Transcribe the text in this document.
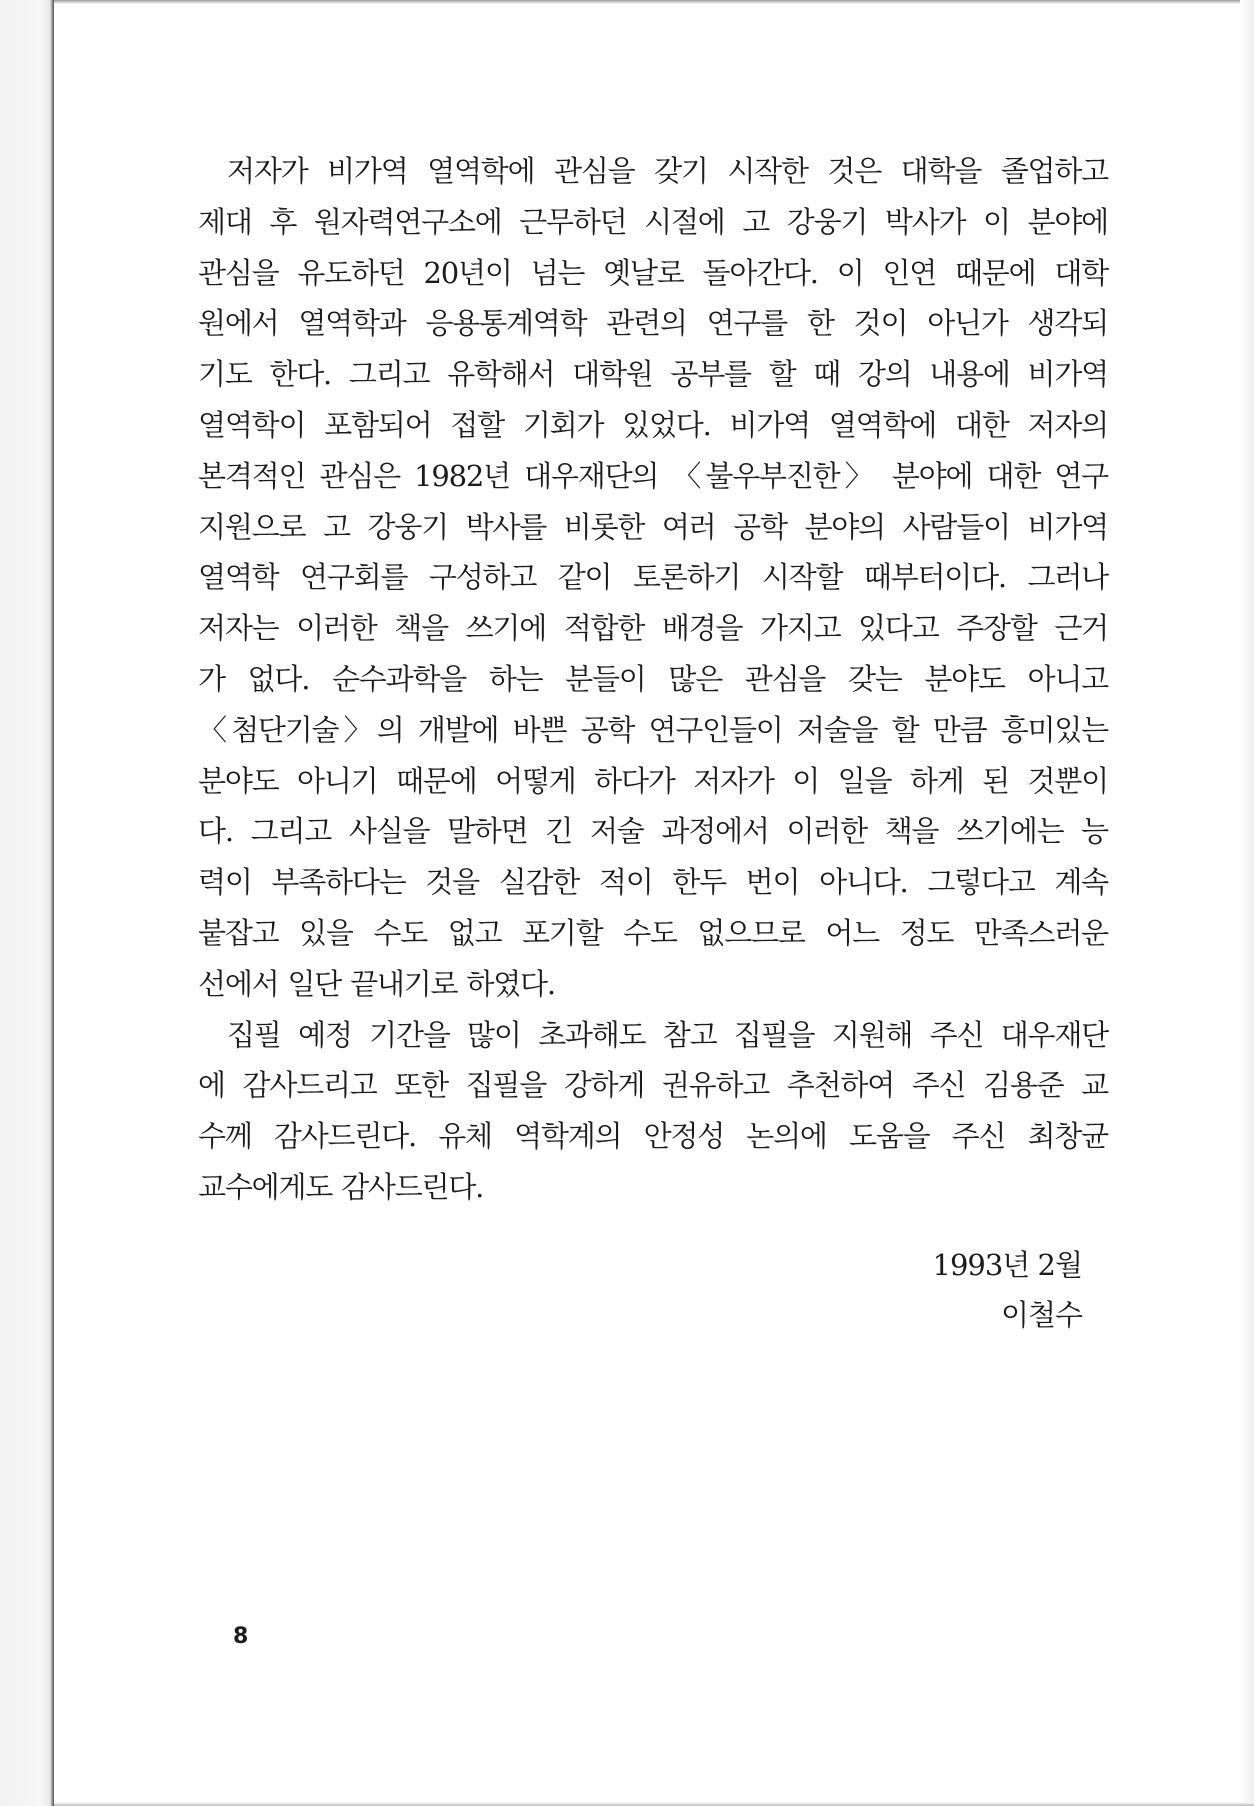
저자가 비가역 열역학에 관심을 갖기 시작한 것은 대학을 졸업하고
제대 후 원자력연구소에 근무하던 시절에 고 강웅기 박사가 이 분야에
관심을 유도하던 20년이 넘는 옛날로 돌아간다. 이 인연 때문에 대학
원에서 열역학과 응용통계역학 관련의 연구를 한 것이 아닌가 생각되
기도 한다. 그리고 유학해서 대학원 공부를 할 때 강의 내용에 비가역
열역학이 포함되어 접할 기회가 있었다. 비가역 열역학에 대한 저자의
본격적인 관심은 1982년 대우재단의 〈불우부진한〉 분야에 대한 연구
지원으로 고 강웅기 박사를 비롯한 여러 공학 분야의 사람들이 비가역
열역학 연구회를 구성하고 같이 토론하기 시작할 때부터이다. 그러나
저자는 이러한 책을 쓰기에 적합한 배경을 가지고 있다고 주장할 근거
가 없다. 순수과학을 하는 분들이 많은 관심을 갖는 분야도 아니고
〈첨단기술〉의 개발에 바쁜 공학 연구인들이 저술을 할 만큼 흥미있는
분야도 아니기 때문에 어떻게 하다가 저자가 이 일을 하게 된 것뿐이
다. 그리고 사실을 말하면 긴 저술 과정에서 이러한 책을 쓰기에는 능
력이 부족하다는 것을 실감한 적이 한두 번이 아니다. 그렇다고 계속
붙잡고 있을 수도 없고 포기할 수도 없으므로 어느 정도 만족스러운
선에서 일단 끝내기로 하였다.
집필 예정 기간을 많이 초과해도 참고 집필을 지원해 주신 대우재단
에 감사드리고 또한 집필을 강하게 권유하고 추천하여 주신 김용준 교
수께 감사드린다. 유체 역학계의 안정성 논의에 도움을 주신 최창균
교수에게도 감사드린다.
1993년 2월
이철수
8
